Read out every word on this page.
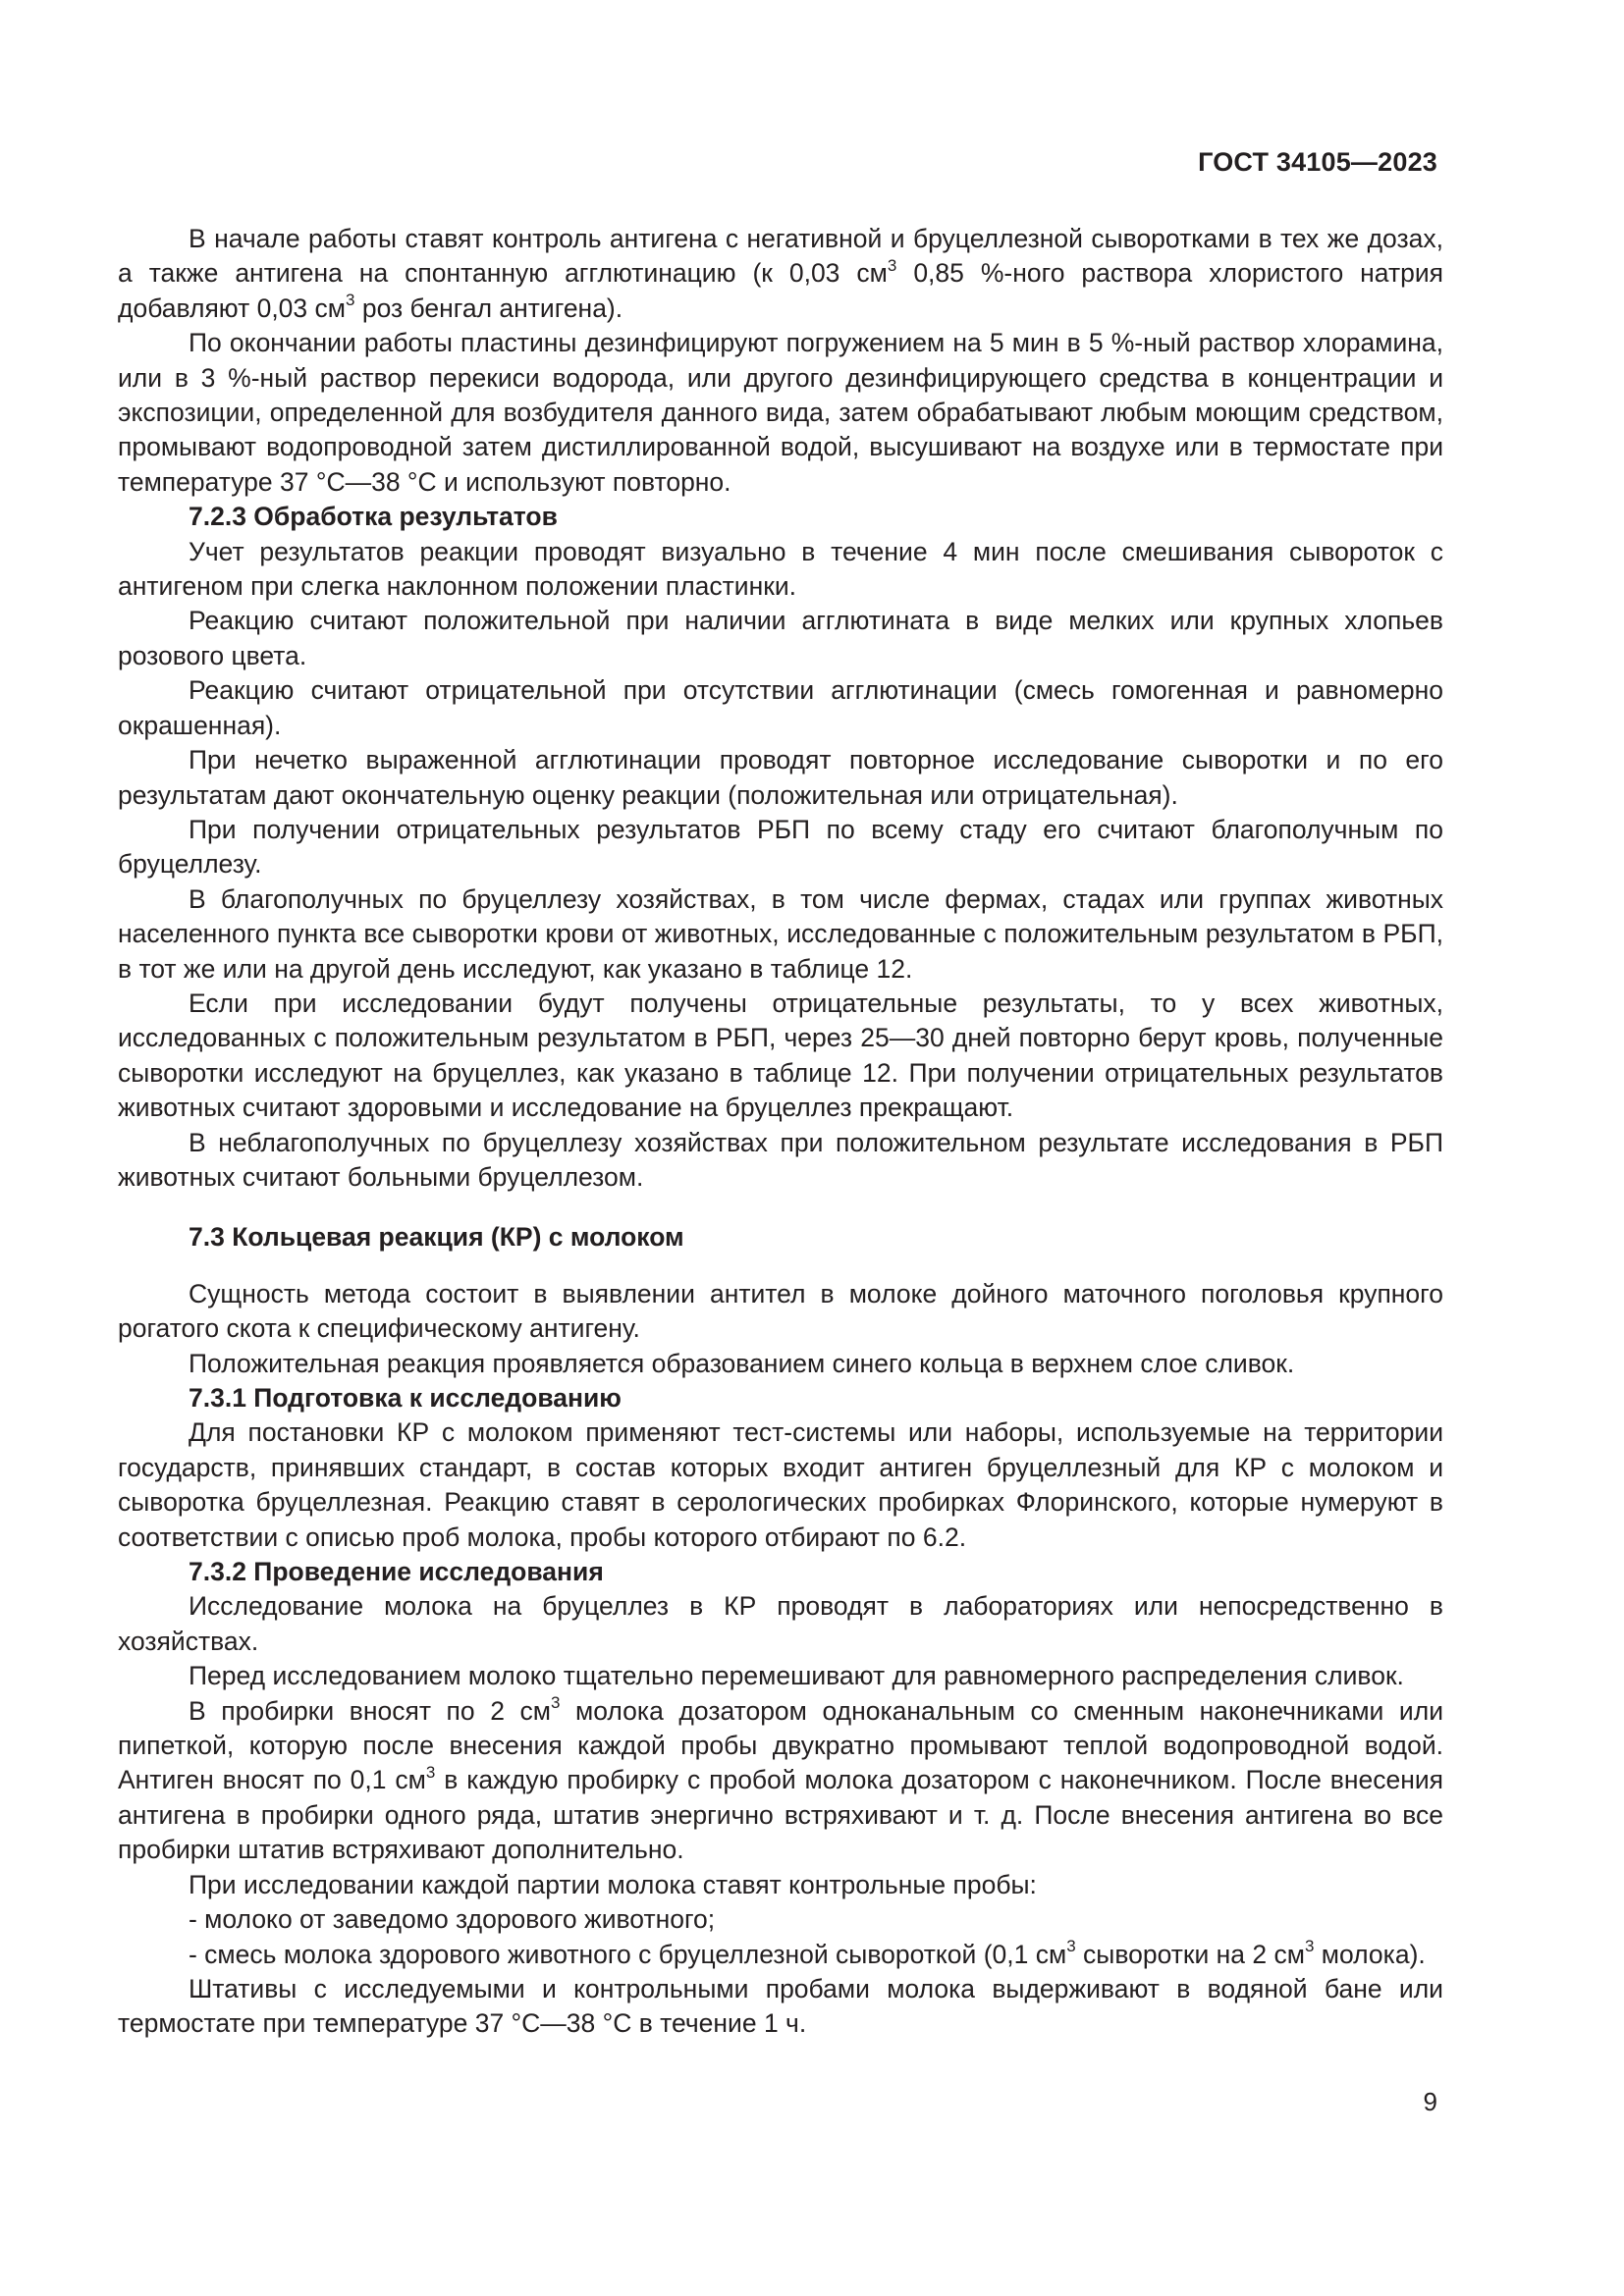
ГОСТ 34105—2023

В начале работы ставят контроль антигена с негативной и бруцеллезной сыворотками в тех же дозах, а также антигена на спонтанную агглютинацию (к 0,03 $см^3$ 0,85 %-ного раствора хлористого натрия добавляют 0,03 $см^3$ роз бенгал антигена).

По окончании работы пластины дезинфицируют погружением на 5 мин в 5 %-ный раствор хлорамина, или в 3 %-ный раствор перекиси водорода, или другого дезинфицирующего средства в концентрации и экспозиции, определенной для возбудителя данного вида, затем обрабатывают любым моющим средством, промывают водопроводной затем дистиллированной водой, высушивают на воздухе или в термостате при температуре 37 °С—38 °С и используют повторно.

7.2.3 Обработка результатов

Учет результатов реакции проводят визуально в течение 4 мин после смешивания сывороток с антигеном при слегка наклонном положении пластинки.

Реакцию считают положительной при наличии агглютината в виде мелких или крупных хлопьев розового цвета.

Реакцию считают отрицательной при отсутствии агглютинации (смесь гомогенная и равномерно окрашенная).

При нечетко выраженной агглютинации проводят повторное исследование сыворотки и по его результатам дают окончательную оценку реакции (положительная или отрицательная).

При получении отрицательных результатов РБП по всему стаду его считают благополучным по бруцеллезу.

В благополучных по бруцеллезу хозяйствах, в том числе фермах, стадах или группах животных населенного пункта все сыворотки крови от животных, исследованные с положительным результатом в РБП, в тот же или на другой день исследуют, как указано в таблице 12.

Если при исследовании будут получены отрицательные результаты, то у всех животных, исследованных с положительным результатом в РБП, через 25—30 дней повторно берут кровь, полученные сыворотки исследуют на бруцеллез, как указано в таблице 12. При получении отрицательных результатов животных считают здоровыми и исследование на бруцеллез прекращают.

В неблагополучных по бруцеллезу хозяйствах при положительном результате исследования в РБП животных считают больными бруцеллезом.

7.3 Кольцевая реакция (КР) с молоком

Сущность метода состоит в выявлении антител в молоке дойного маточного поголовья крупного рогатого скота к специфическому антигену.

Положительная реакция проявляется образованием синего кольца в верхнем слое сливок.

7.3.1 Подготовка к исследованию

Для постановки КР с молоком применяют тест-системы или наборы, используемые на территории государств, принявших стандарт, в состав которых входит антиген бруцеллезный для КР с молоком и сыворотка бруцеллезная. Реакцию ставят в серологических пробирках Флоринского, которые нумеруют в соответствии с описью проб молока, пробы которого отбирают по 6.2.

7.3.2 Проведение исследования

Исследование молока на бруцеллез в КР проводят в лабораториях или непосредственно в хозяйствах.

Перед исследованием молоко тщательно перемешивают для равномерного распределения сливок.

В пробирки вносят по 2 $см^3$ молока дозатором одноканальным со сменным наконечниками или пипеткой, которую после внесения каждой пробы двукратно промывают теплой водопроводной водой. Антиген вносят по 0,1 $см^3$ в каждую пробирку с пробой молока дозатором с наконечником. После внесения антигена в пробирки одного ряда, штатив энергично встряхивают и т. д. После внесения антигена во все пробирки штатив встряхивают дополнительно.

При исследовании каждой партии молока ставят контрольные пробы:

- молоко от заведомо здорового животного;

- смесь молока здорового животного с бруцеллезной сывороткой (0,1 $см^3$ сыворотки на 2 $см^3$ молока).

Штативы с исследуемыми и контрольными пробами молока выдерживают в водяной бане или термостате при температуре 37 °С—38 °С в течение 1 ч.

9
